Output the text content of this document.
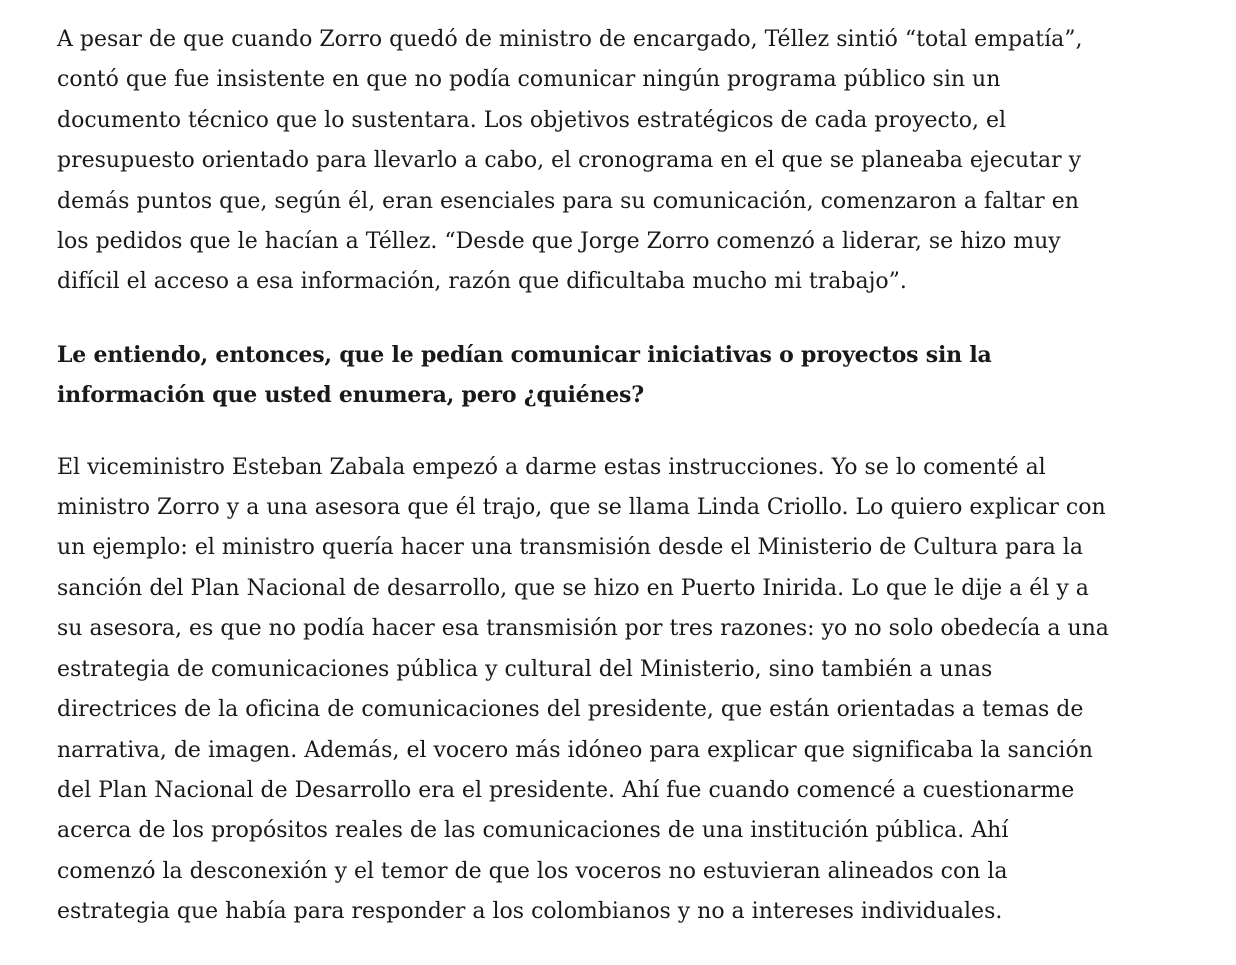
A pesar de que cuando Zorro quedó de ministro de encargado, Téllez sintió “total empatía”,
contó que fue insistente en que no podía comunicar ningún programa público sin un
documento técnico que lo sustentara. Los objetivos estratégicos de cada proyecto, el
presupuesto orientado para llevarlo a cabo, el cronograma en el que se planeaba ejecutar y
demás puntos que, según él, eran esenciales para su comunicación, comenzaron a faltar en
los pedidos que le hacían a Téllez. “Desde que Jorge Zorro comenzó a liderar, se hizo muy
difícil el acceso a esa información, razón que dificultaba mucho mi trabajo”.
Le entiendo, entonces, que le pedían comunicar iniciativas o proyectos sin la
información que usted enumera, pero ¿quiénes?
El viceministro Esteban Zabala empezó a darme estas instrucciones. Yo se lo comenté al
ministro Zorro y a una asesora que él trajo, que se llama Linda Criollo. Lo quiero explicar con
un ejemplo: el ministro quería hacer una transmisión desde el Ministerio de Cultura para la
sanción del Plan Nacional de desarrollo, que se hizo en Puerto Inirida. Lo que le dije a él y a
su asesora, es que no podía hacer esa transmisión por tres razones: yo no solo obedecía a una
estrategia de comunicaciones pública y cultural del Ministerio, sino también a unas
directrices de la oficina de comunicaciones del presidente, que están orientadas a temas de
narrativa, de imagen. Además, el vocero más idóneo para explicar que significaba la sanción
del Plan Nacional de Desarrollo era el presidente. Ahí fue cuando comencé a cuestionarme
acerca de los propósitos reales de las comunicaciones de una institución pública. Ahí
comenzó la desconexión y el temor de que los voceros no estuvieran alineados con la
estrategia que había para responder a los colombianos y no a intereses individuales.
